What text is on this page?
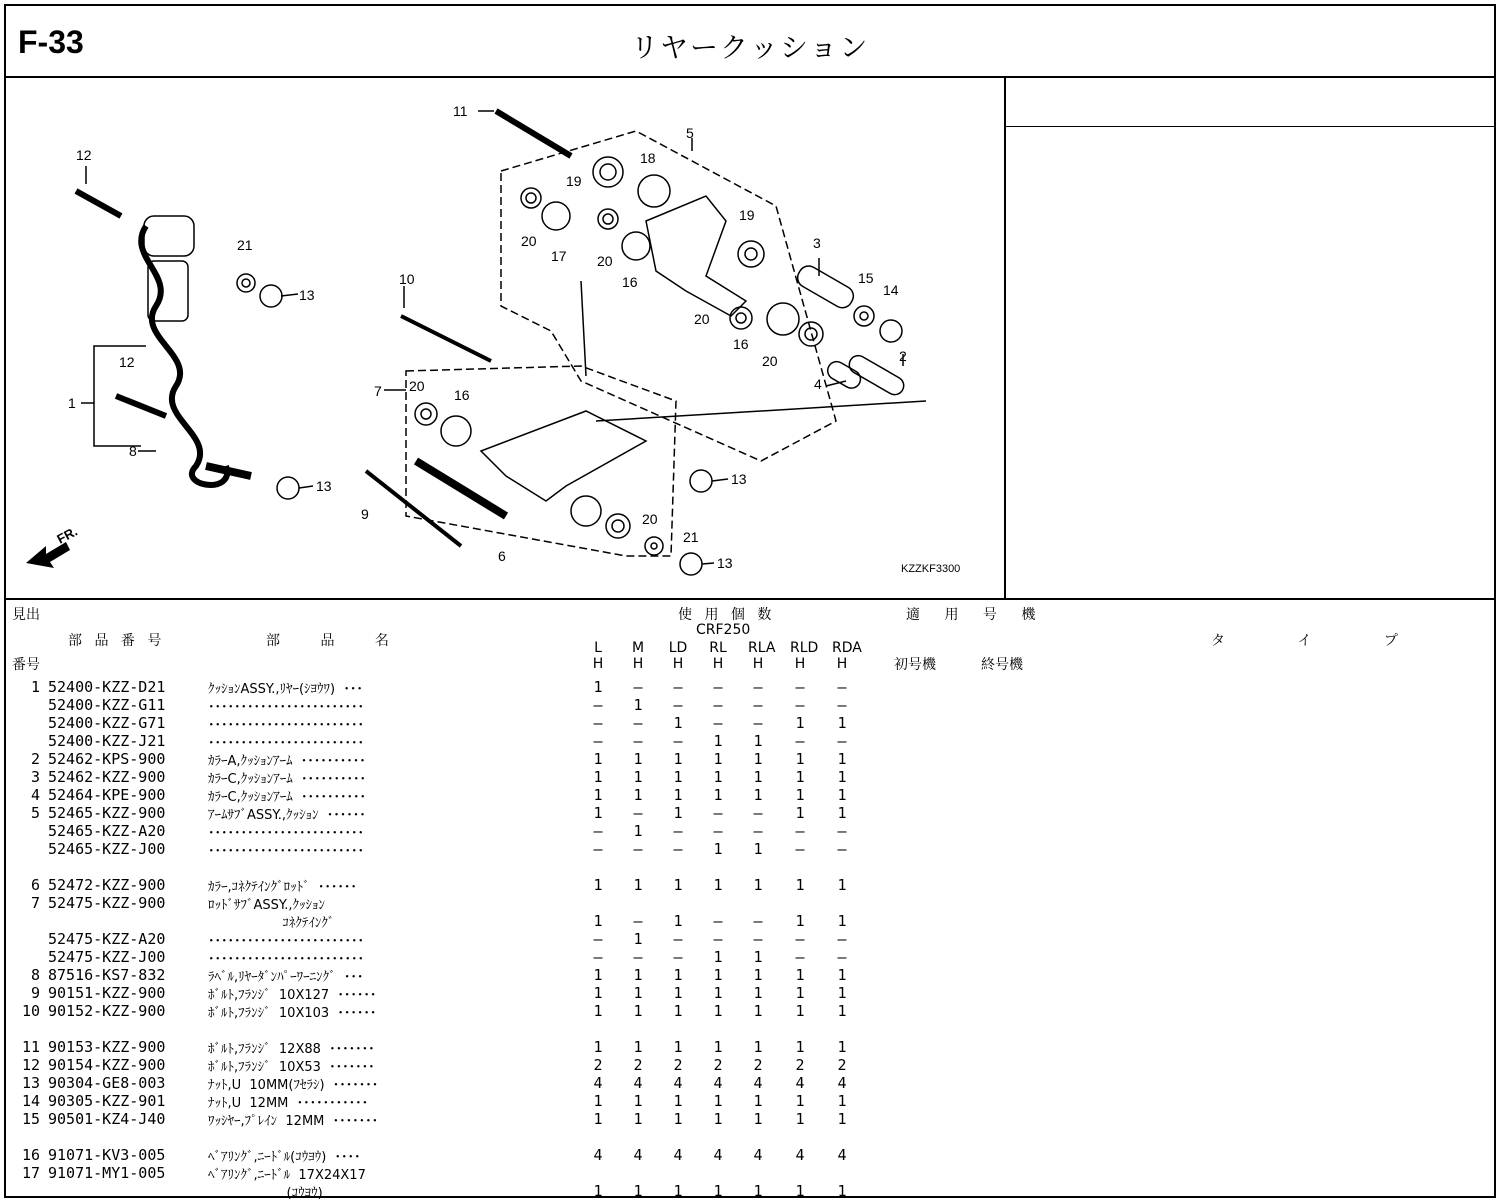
F-33	リヤークッション
FR.
1
2
3
4
5
6
7
8
9
10
11
12
12
13
13	13
13
14
15
16
16
16
17
18
19
19
20
20
20
20
20
20
21
21
KZZKF3300
見出
番号
部 品 番 号	部 品 名
使 用 個 数
CRF250
適 用 号 機
初号機	終号機
タ イ プ
L	M LD RL RLA RLD RDA
H	H	H	H	H	H	H
1 52400-KZZ-D21	ｸｯｼｮﾝASSY.,ﾘﾔｰ(ｼﾖｳﾜ)  ･･･	1	–	–	–	–	–	–
52400-KZZ-G11	････････････････････････	–	1	–	–	–	–	–
52400-KZZ-G71	････････････････････････	–	–	1	–	–	1	1
52400-KZZ-J21	････････････････････････	–	–	–	1	1	–	–
2 52462-KPS-900	ｶﾗｰA,ｸｯｼｮﾝｱｰﾑ  ･･････････	1	1	1	1	1	1	1
3 52462-KZZ-900	ｶﾗｰC,ｸｯｼｮﾝｱｰﾑ  ･･････････	1	1	1	1	1	1	1
4 52464-KPE-900	ｶﾗｰC,ｸｯｼｮﾝｱｰﾑ  ･･････････	1	1	1	1	1	1	1
5 52465-KZZ-900	ｱｰﾑｻﾌﾞASSY.,ｸｯｼｮﾝ  ･･････	1	–	1	–	–	1	1
52465-KZZ-A20	････････････････････････	–	1	–	–	–	–	–
52465-KZZ-J00	････････････････････････	–	–	–	1	1	–	–
6 52472-KZZ-900	ｶﾗｰ,ｺﾈｸﾃｲﾝｸﾞﾛｯﾄﾞ  ･･････	1	1	1	1	1	1	1
7 52475-KZZ-900	ﾛｯﾄﾞｻﾌﾞASSY.,ｸｯｼｮﾝ
ｺﾈｸﾃｲﾝｸﾞ	1	–	1	–	–	1	1
52475-KZZ-A20	････････････････････････	–	1	–	–	–	–	–
52475-KZZ-J00	････････････････････････	–	–	–	1	1	–	–
8 87516-KS7-832	ﾗﾍﾞﾙ,ﾘﾔｰﾀﾞﾝﾊﾟｰﾜｰﾆﾝｸﾞ  ･･･	1	1	1	1	1	1	1
9 90151-KZZ-900	ﾎﾞﾙﾄ,ﾌﾗﾝｼﾞ  10X127  ･･････	1	1	1	1	1	1	1
10 90152-KZZ-900	ﾎﾞﾙﾄ,ﾌﾗﾝｼﾞ  10X103  ･･････	1	1	1	1	1	1	1
11 90153-KZZ-900	ﾎﾞﾙﾄ,ﾌﾗﾝｼﾞ  12X88  ･･･････	1	1	1	1	1	1	1
12 90154-KZZ-900	ﾎﾞﾙﾄ,ﾌﾗﾝｼﾞ  10X53  ･･･････	2	2	2	2	2	2	2
13 90304-GE8-003	ﾅｯﾄ,U  10MM(ﾌｾﾗｼ)  ･･･････	4	4	4	4	4	4	4
14 90305-KZZ-901	ﾅｯﾄ,U  12MM  ･･･････････	1	1	1	1	1	1	1
15 90501-KZ4-J40	ﾜｯｼﾔｰ,ﾌﾟﾚｲﾝ  12MM  ･･･････	1	1	1	1	1	1	1
16 91071-KV3-005	ﾍﾞｱﾘﾝｸﾞ,ﾆｰﾄﾞﾙ(ｺｳﾖｳ)  ････	4	4	4	4	4	4	4
17 91071-MY1-005	ﾍﾞｱﾘﾝｸﾞ,ﾆｰﾄﾞﾙ  17X24X17
(ｺｳﾖｳ)	1	1	1	1	1	1	1
